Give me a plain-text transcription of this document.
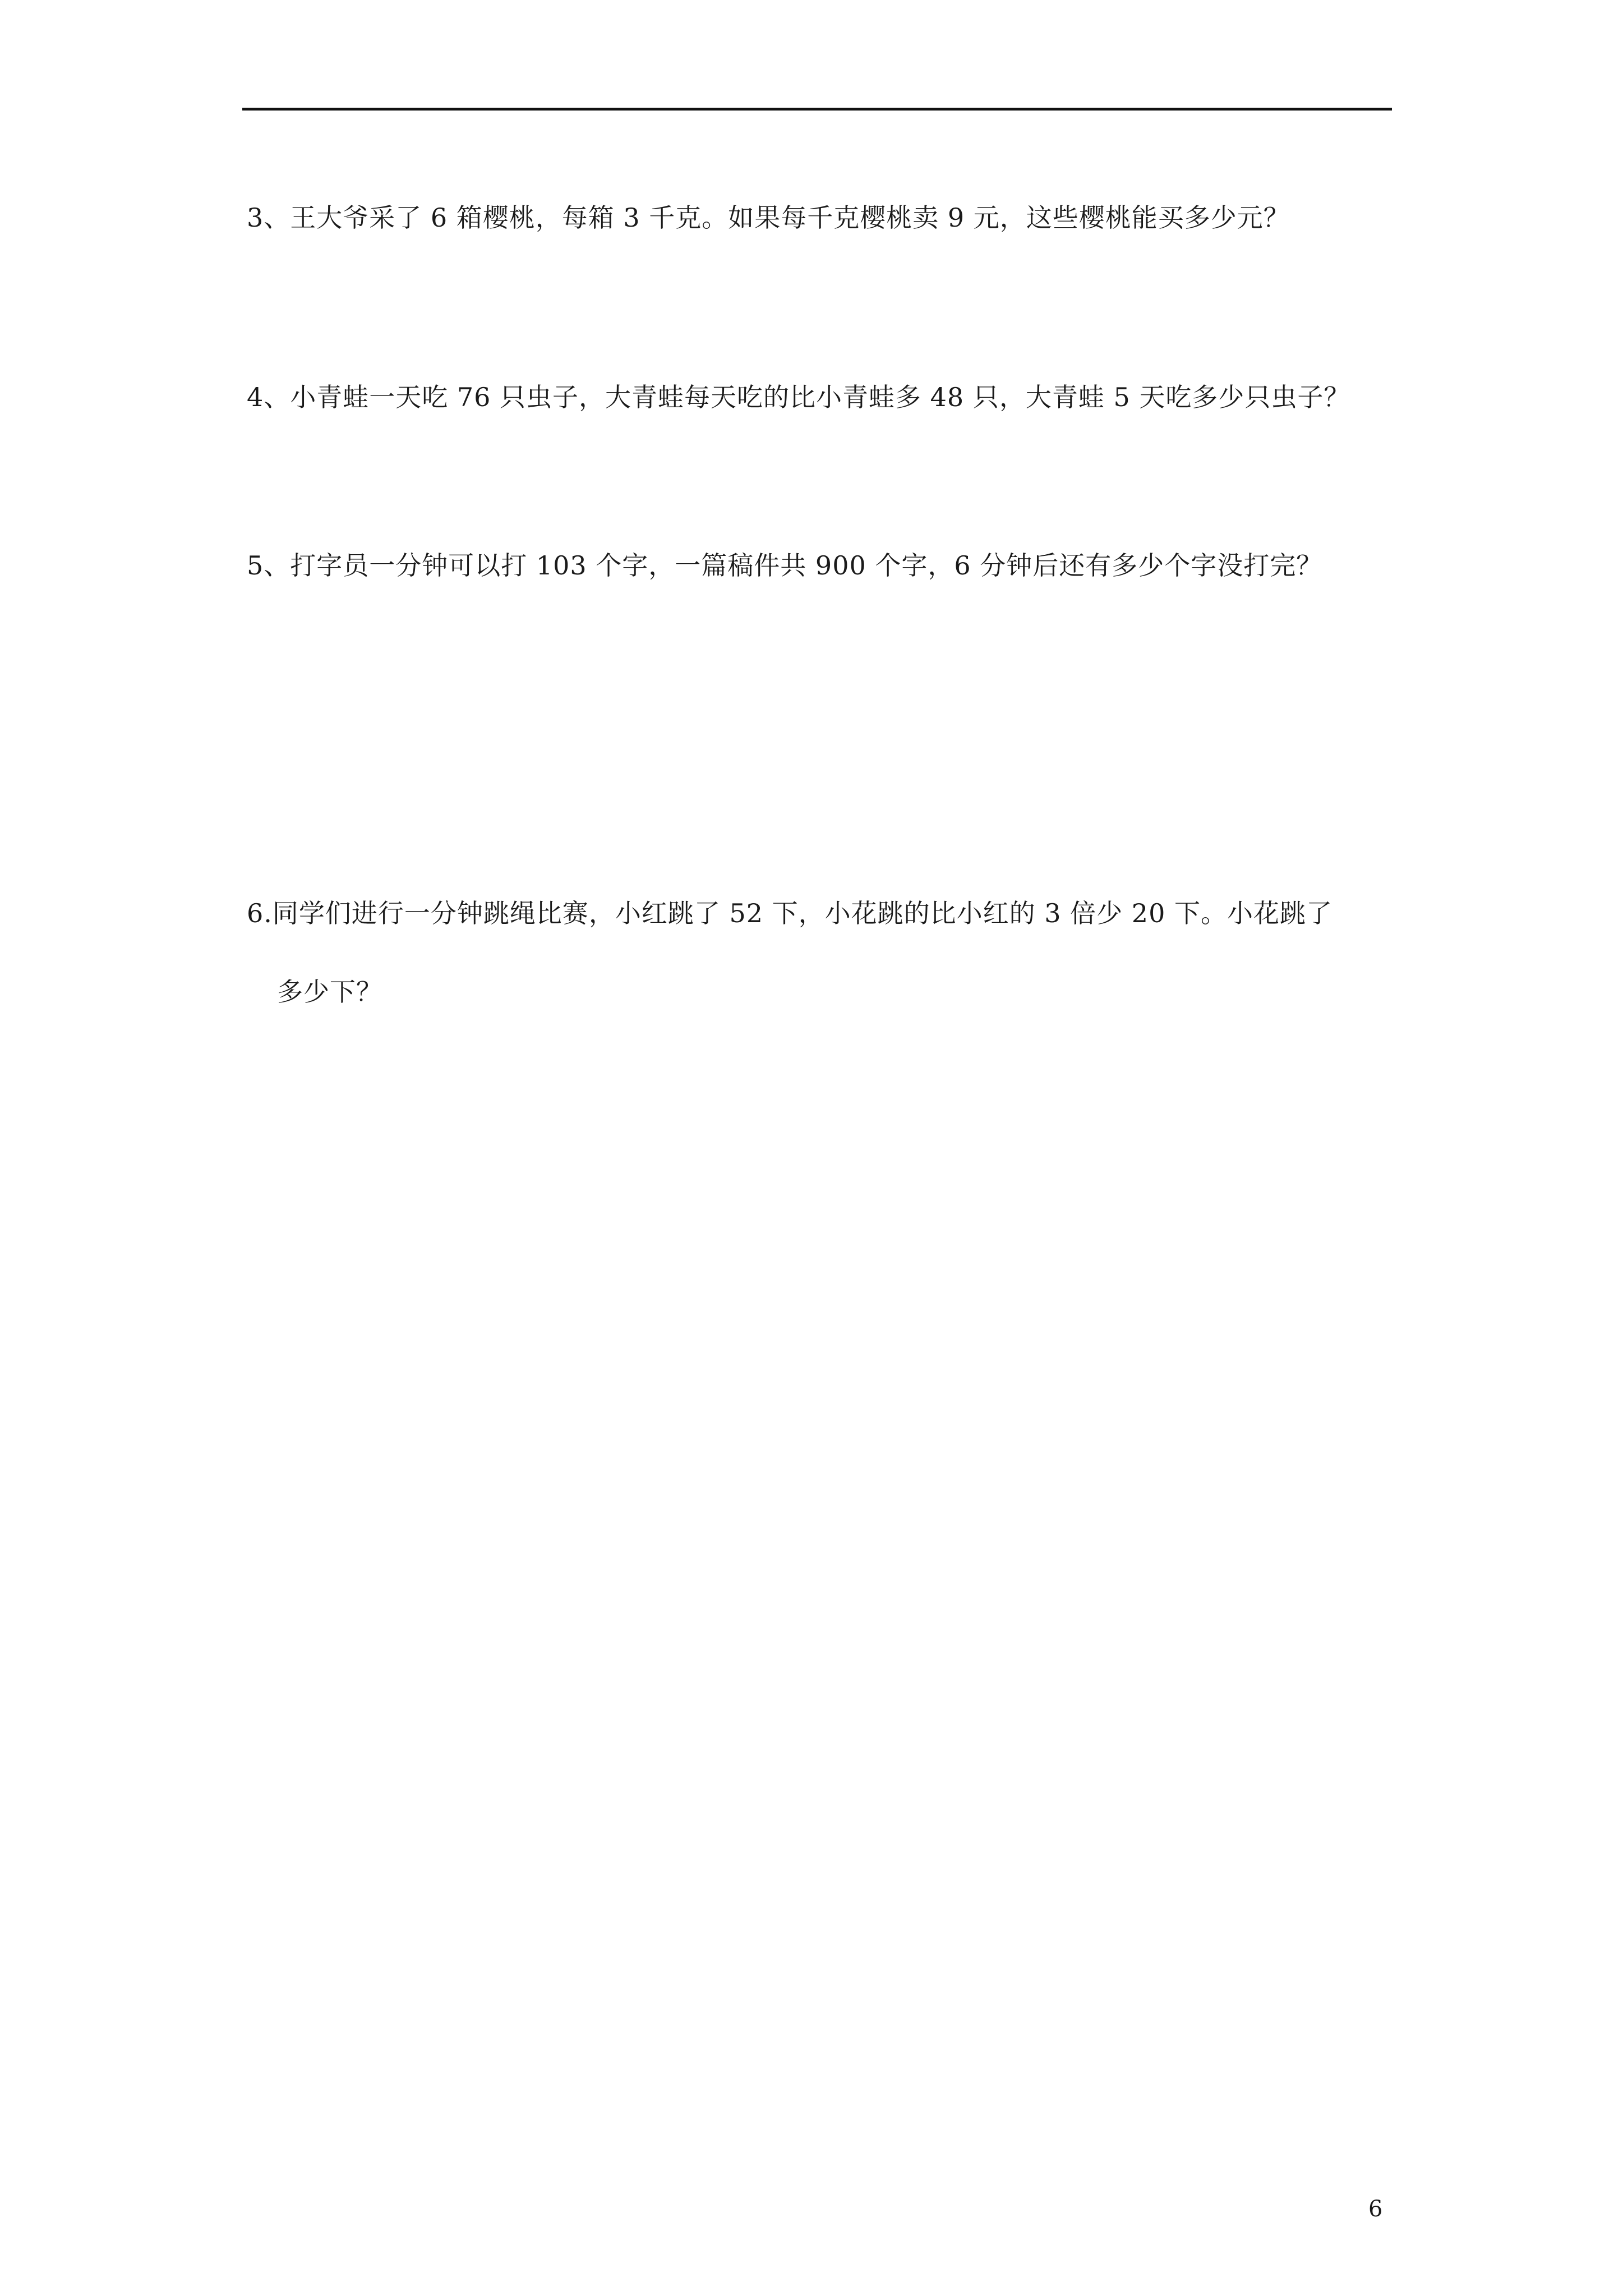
3、王大爷采了 6 箱樱桃，每箱 3 千克。如果每千克樱桃卖 9 元，这些樱桃能买多少元？
4、小青蛙一天吃 76 只虫子，大青蛙每天吃的比小青蛙多 48 只，大青蛙 5 天吃多少只虫子？
5、打字员一分钟可以打 103 个字，一篇稿件共 900 个字，6 分钟后还有多少个字没打完？
6.同学们进行一分钟跳绳比赛，小红跳了 52 下，小花跳的比小红的 3 倍少 20 下。小花跳了
多少下？
6
